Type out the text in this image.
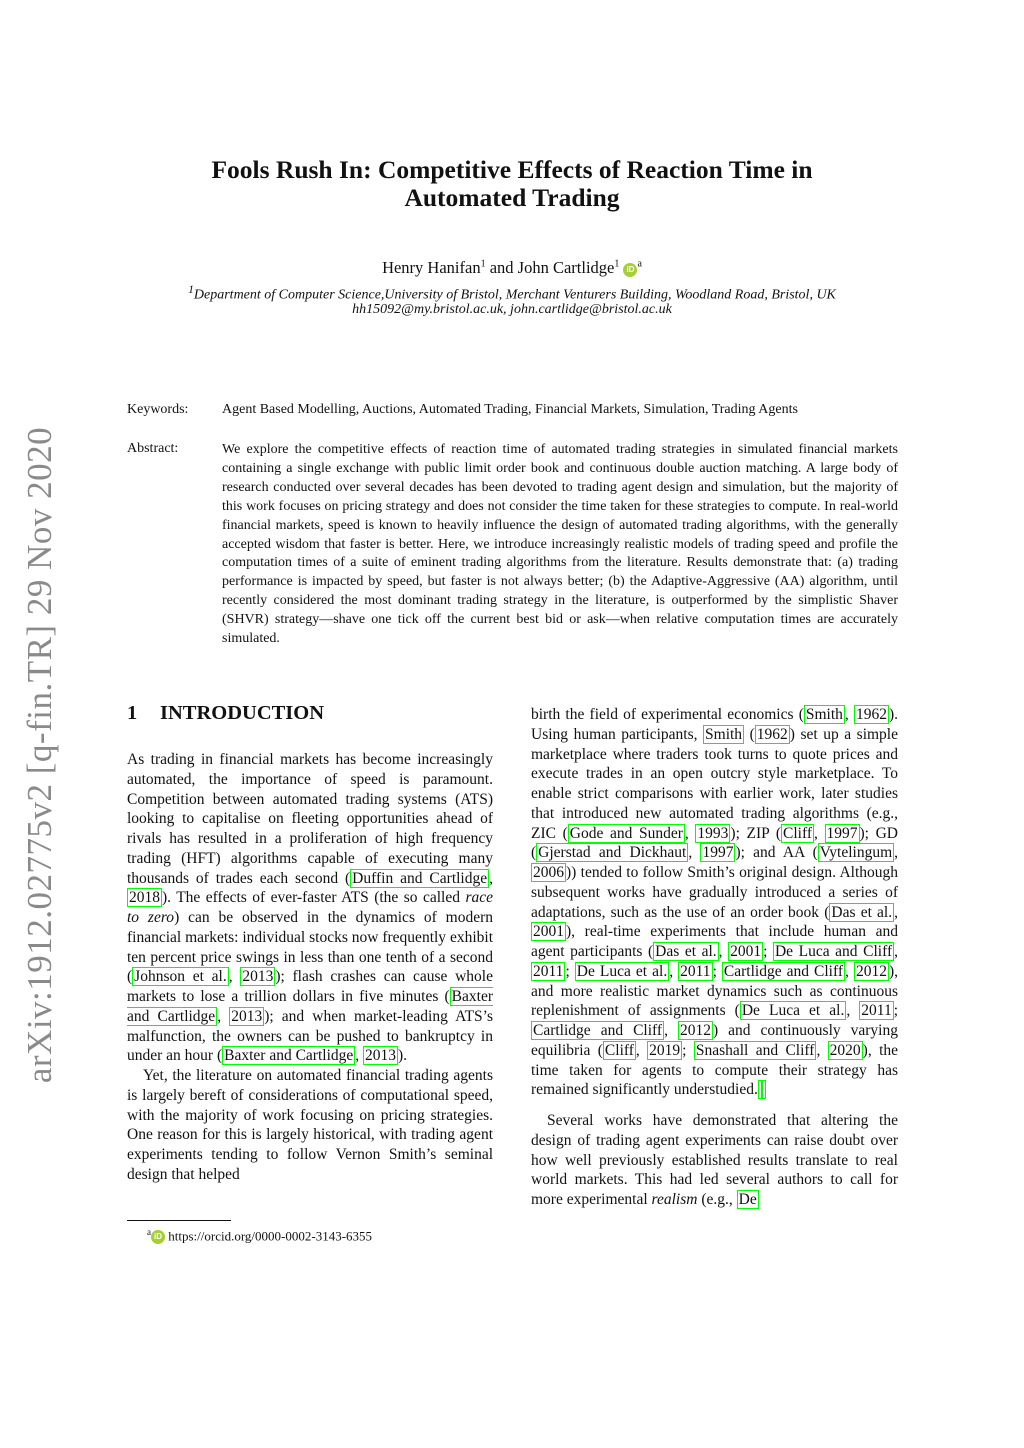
arXiv:1912.02775v2 [q-fin.TR] 29 Nov 2020
Fools Rush In: Competitive Effects of Reaction Time in Automated Trading
Henry Hanifan$^1$ and John Cartlidge$^1$ iD $^a$
$^1$Department of Computer Science,University of Bristol, Merchant Venturers Building, Woodland Road, Bristol, UK
hh15092@my.bristol.ac.uk, john.cartlidge@bristol.ac.uk
Keywords: Agent Based Modelling, Auctions, Automated Trading, Financial Markets, Simulation, Trading Agents
Abstract:	We explore the competitive effects of reaction time of automated trading strategies in simulated financial markets containing a single exchange with public limit order book and continuous double auction matching. A large body of research conducted over several decades has been devoted to trading agent design and simulation, but the majority of this work focuses on pricing strategy and does not consider the time taken for these strategies to compute. In real-world financial markets, speed is known to heavily influence the design of automated trading algorithms, with the generally accepted wisdom that faster is better. Here, we introduce increasingly realistic models of trading speed and profile the computation times of a suite of eminent trading algorithms from the literature. Results demonstrate that: (a) trading performance is impacted by speed, but faster is not always better; (b) the Adaptive-Aggressive (AA) algorithm, until recently considered the most dominant trading strategy in the literature, is outperformed by the simplistic Shaver (SHVR) strategy—shave one tick off the current best bid or ask—when relative computation times are accurately simulated.
1 INTRODUCTION

As trading in financial markets has become increasingly automated, the importance of speed is paramount. Competition between automated trading systems (ATS) looking to capitalise on fleeting opportunities ahead of rivals has resulted in a proliferation of high frequency trading (HFT) algorithms capable of executing many thousands of trades each second ( Duffin and Cartlidge , 2018 ). The effects of ever-faster ATS (the so called race to zero) can be observed in the dynamics of modern financial markets: individual stocks now frequently exhibit ten percent price swings in less than one tenth of a second ( Johnson et al. , 2013 ); flash crashes can cause whole markets to lose a trillion dollars in five minutes ( Baxter and Cartlidge , 2013 ); and when market-leading ATS’s malfunction, the owners can be pushed to bankruptcy in under an hour ( Baxter and Cartlidge , 2013 ).

Yet, the literature on automated financial trading agents is largely bereft of considerations of computational speed, with the majority of work focusing on pricing strategies. One reason for this is largely historical, with trading agent experiments tending to follow Vernon Smith’s seminal design that helped

birth the field of experimental economics ( Smith , 1962 ). Using human participants, Smith ( 1962 ) set up a simple marketplace where traders took turns to quote prices and execute trades in an open outcry style marketplace. To enable strict comparisons with earlier work, later studies that introduced new automated trading algorithms (e.g., ZIC ( Gode and Sunder , 1993 ); ZIP ( Cliff , 1997 ); GD ( Gjerstad and Dickhaut , 1997 ); and AA ( Vytelingum , 2006 )) tended to follow Smith’s original design. Although subsequent works have gradually introduced a series of adaptations, such as the use of an order book ( Das et al. , 2001 ), real-time experiments that include human and agent participants ( Das et al. , 2001 ; De Luca and Cliff , 2011 ; De Luca et al. , 2011 ; Cartlidge and Cliff , 2012 ), and more realistic market dynamics such as continuous replenishment of assignments ( De Luca et al. , 2011 ; Cartlidge and Cliff , 2012 ) and continuously varying equilibria ( Cliff , 2019 ; Snashall and Cliff , 2020 ), the time taken for agents to compute their strategy has remained significantly understudied.

Several works have demonstrated that altering the design of trading agent experiments can raise doubt over how well previously established results translate to real world markets. This had led several authors to call for more experimental realism (e.g., De

$^a$ iD https://orcid.org/0000-0002-3143-6355
